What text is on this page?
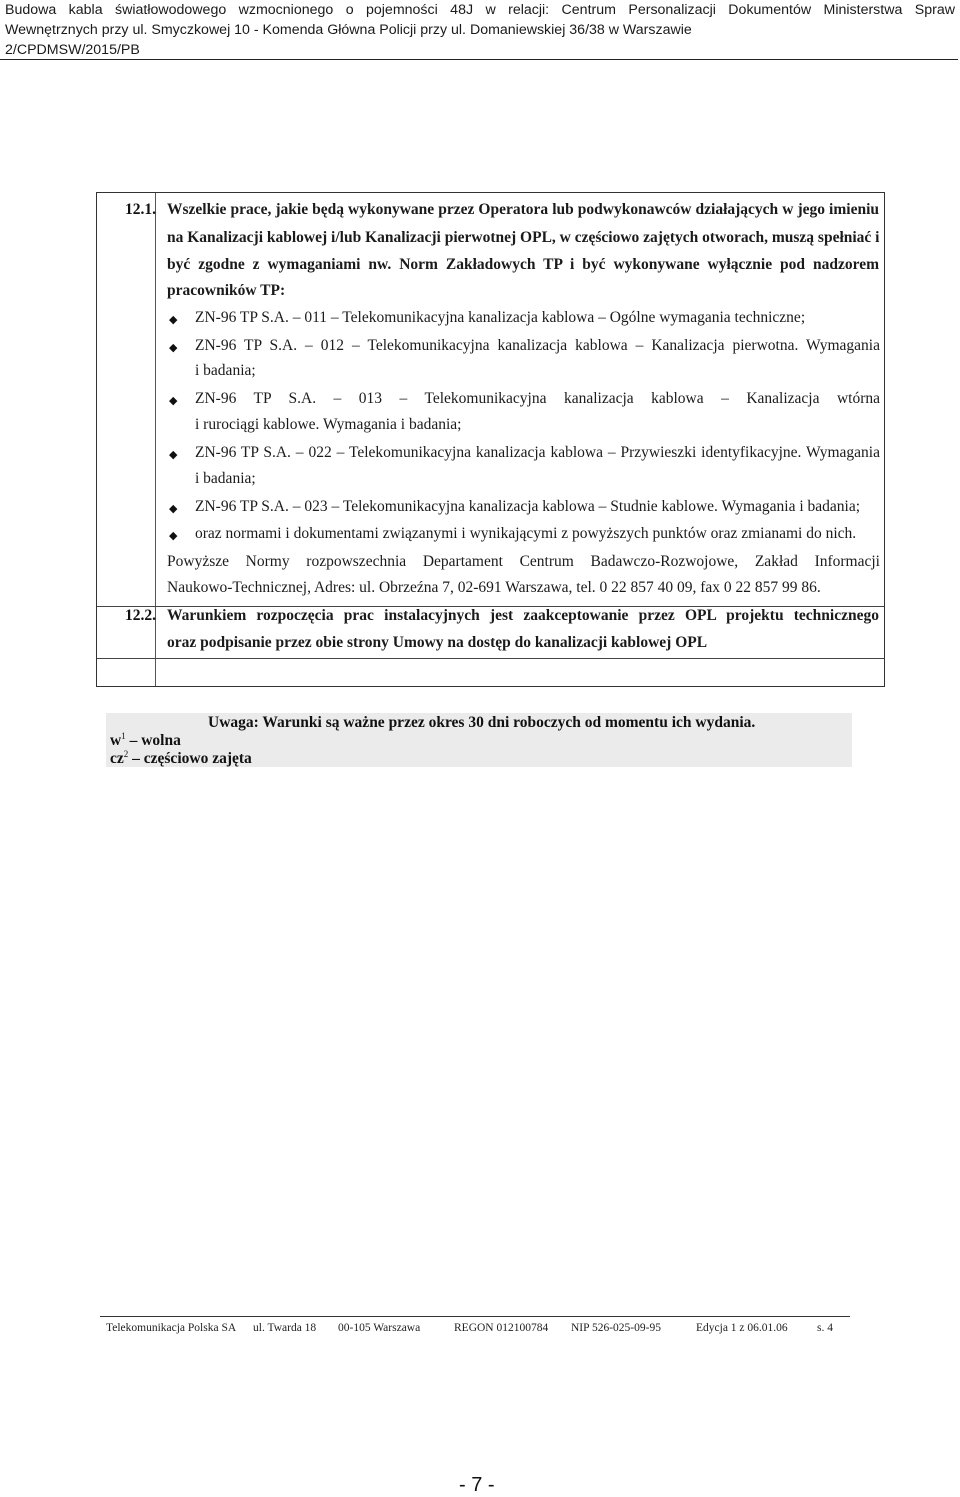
Budowa kabla światłowodowego wzmocnionego o pojemności 48J w relacji: Centrum Personalizacji Dokumentów Ministerstwa Spraw
Wewnętrznych przy ul. Smyczkowej 10 - Komenda Główna Policji przy ul. Domaniewskiej 36/38 w Warszawie
2/CPDMSW/2015/PB
12.1. Wszelkie prace, jakie będą wykonywane przez Operatora lub podwykonawców działających w jego imieniu
na Kanalizacji kablowej i/lub Kanalizacji pierwotnej OPL, w częściowo zajętych otworach, muszą spełniać i
być zgodne z wymaganiami nw. Norm Zakładowych TP i być wykonywane wyłącznie pod nadzorem
pracowników TP:
◆ ZN-96 TP S.A. – 011 – Telekomunikacyjna kanalizacja kablowa – Ogólne wymagania techniczne;
◆ ZN-96 TP S.A. – 012 – Telekomunikacyjna kanalizacja kablowa – Kanalizacja pierwotna. Wymagania
i badania;
◆ ZN-96 TP S.A. – 013 – Telekomunikacyjna kanalizacja kablowa – Kanalizacja wtórna
i rurociągi kablowe. Wymagania i badania;
◆ ZN-96 TP S.A. – 022 – Telekomunikacyjna kanalizacja kablowa – Przywieszki identyfikacyjne. Wymagania
i badania;
◆ ZN-96 TP S.A. – 023 – Telekomunikacyjna kanalizacja kablowa – Studnie kablowe. Wymagania i badania;
◆ oraz normami i dokumentami związanymi i wynikającymi z powyższych punktów oraz zmianami do nich.
Powyższe Normy rozpowszechnia Departament Centrum Badawczo-Rozwojowe, Zakład Informacji
Naukowo-Technicznej, Adres: ul. Obrzeźna 7, 02-691 Warszawa, tel. 0 22 857 40 09, fax 0 22 857 99 86.
12.2. Warunkiem rozpoczęcia prac instalacyjnych jest zaakceptowanie przez OPL projektu technicznego
oraz podpisanie przez obie strony Umowy na dostęp do kanalizacji kablowej OPL
Uwaga: Warunki są ważne przez okres 30 dni roboczych od momentu ich wydania.
$w^1$ – wolna
$cz^2$ – częściowo zajęta
Telekomunikacja Polska SA ul. Twarda 18 00-105 Warszawa	REGON 012100784 NIP 526-025-09-95	Edycja 1 z 06.01.06	s. 4
- 7 -
